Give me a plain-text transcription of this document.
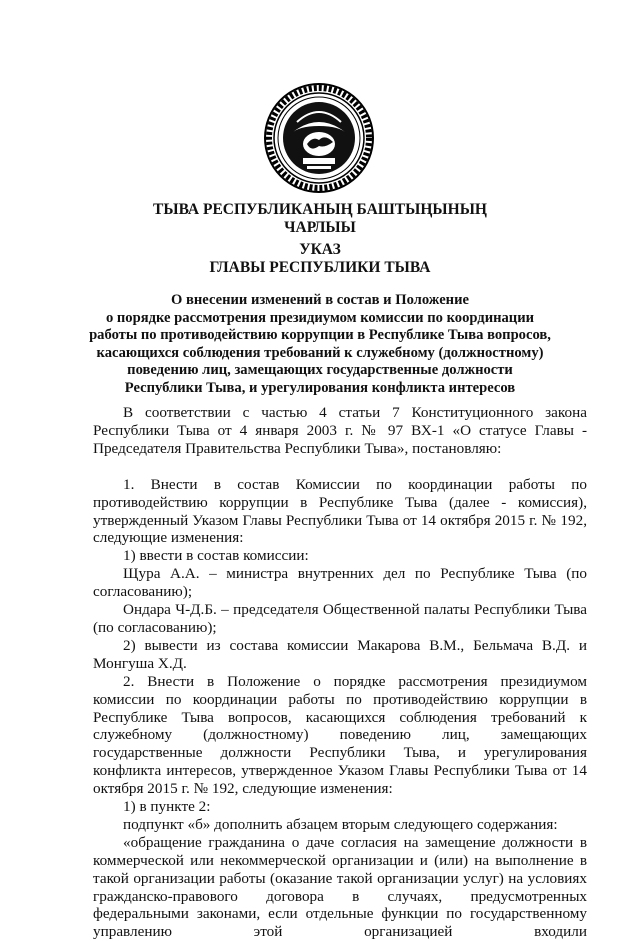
ТЫВА РЕСПУБЛИКАНЫҢ БАШТЫҢЫНЫҢ
ЧАРЛЫЫ
УКАЗ
ГЛАВЫ РЕСПУБЛИКИ ТЫВА
О внесении изменений в состав и Положение
о порядке рассмотрения президиумом комиссии по координации
работы по противодействию коррупции в Республике Тыва вопросов,
касающихся соблюдения требований к служебному (должностному)
поведению лиц, замещающих государственные должности
Республики Тыва, и урегулирования конфликта интересов
В соответствии с частью 4 статьи 7 Конституционного закона Республики Тыва от 4 января 2003 г. № 97 ВХ-1 «О статусе Главы - Председателя Правительства Республики Тыва», постановляю:
1. Внести в состав Комиссии по координации работы по противодействию коррупции в Республике Тыва (далее - комиссия), утвержденный Указом Главы Республики Тыва от 14 октября 2015 г. № 192, следующие изменения:
1) ввести в состав комиссии:
Щура А.А. – министра внутренних дел по Республике Тыва (по согласованию);
Ондара Ч-Д.Б. – председателя Общественной палаты Республики Тыва (по согласованию);
2) вывести из состава комиссии Макарова В.М., Бельмача В.Д. и Монгуша Х.Д.
2. Внести в Положение о порядке рассмотрения президиумом комиссии по координации работы по противодействию коррупции в Республике Тыва вопросов, касающихся соблюдения требований к служебному (должностному) поведению лиц, замещающих государственные должности Республики Тыва, и урегулирования конфликта интересов, утвержденное Указом Главы Республики Тыва от 14 октября 2015 г. № 192, следующие изменения:
1) в пункте 2:
подпункт «б» дополнить абзацем вторым следующего содержания:
«обращение гражданина о даче согласия на замещение должности в коммерческой или некоммерческой организации и (или) на выполнение в такой организации работы (оказание такой организации услуг) на условиях гражданско-правового договора в случаях, предусмотренных федеральными законами, если отдельные функции по государственному управлению этой организацией входили
